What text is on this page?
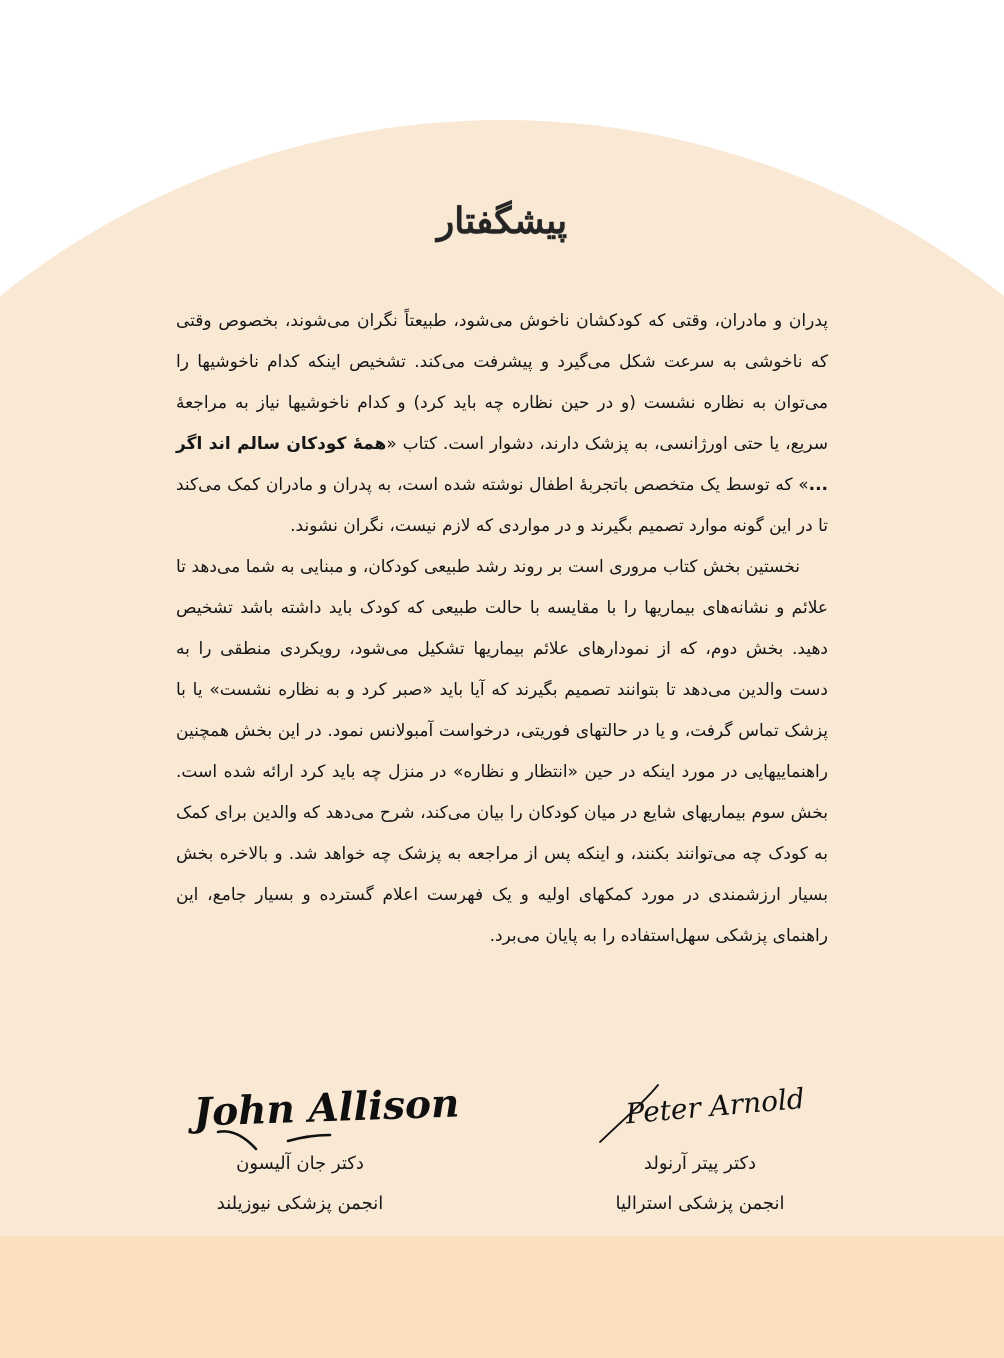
پیشگفتار

پدران و مادران، وقتی که کودکشان ناخوش می‌شود، طبیعتاً نگران می‌شوند، بخصوص وقتی که ناخوشی به سرعت شکل می‌گیرد و پیشرفت می‌کند. تشخیص اینکه کدام ناخوشیها را می‌توان به نظاره نشست (و در حین نظاره چه باید کرد) و کدام ناخوشیها نیاز به مراجعهٔ سریع، یا حتی اورژانسی، به پزشک دارند، دشوار است. کتاب «همهٔ کودکان سالم اند اگر ...» که توسط یک متخصص باتجربهٔ اطفال نوشته شده است، به پدران و مادران کمک می‌کند تا در این گونه موارد تصمیم بگیرند و در مواردی که لازم نیست، نگران نشوند.

نخستین بخش کتاب مروری است بر روند رشد طبیعی کودکان، و مبنایی به شما می‌دهد تا علائم و نشانه‌های بیماریها را با مقایسه با حالت طبیعی که کودک باید داشته باشد تشخیص دهید. بخش دوم، که از نمودارهای علائم بیماریها تشکیل می‌شود، رویکردی منطقی را به دست والدین می‌دهد تا بتوانند تصمیم بگیرند که آیا باید «صبر کرد و به نظاره نشست» یا با پزشک تماس گرفت، و یا در حالتهای فوریتی، درخواست آمبولانس نمود. در این بخش همچنین راهنماییهایی در مورد اینکه در حین «انتظار و نظاره» در منزل چه باید کرد ارائه شده است. بخش سوم بیماریهای شایع در میان کودکان را بیان می‌کند، شرح می‌دهد که والدین برای کمک به کودک چه می‌توانند بکنند، و اینکه پس از مراجعه به پزشک چه خواهد شد. و بالاخره بخش بسیار ارزشمندی در مورد کمکهای اولیه و یک فهرست اعلام گسترده و بسیار جامع، این راهنمای پزشکی سهل‌استفاده را به پایان می‌برد.

John Allison	Peter Arnold
دکتر پیتر آرنولد
انجمن پزشکی استرالیا
دکتر جان آلیسون
انجمن پزشکی نیوزیلند
